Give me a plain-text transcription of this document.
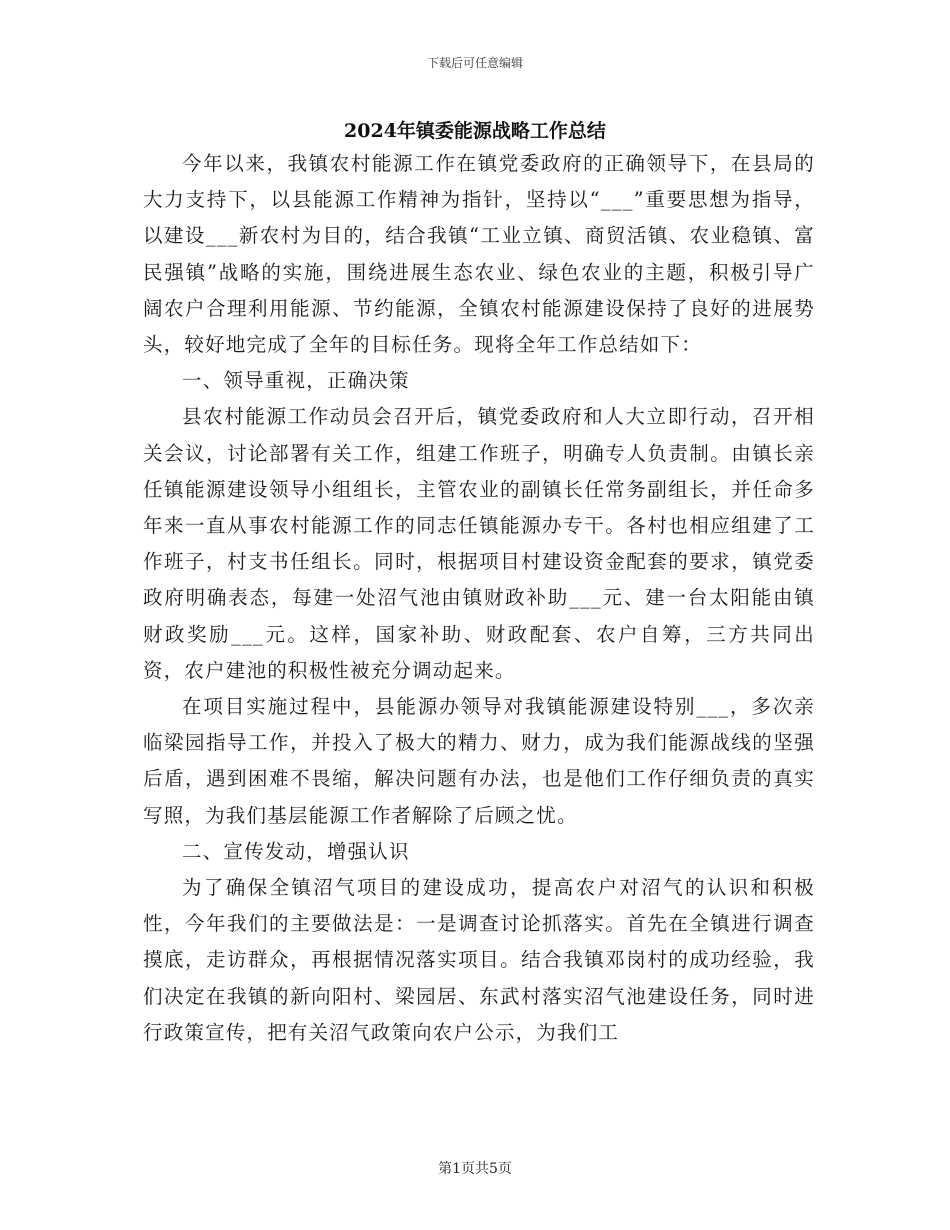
下载后可任意编辑
2024年镇委能源战略工作总结

今年以来，我镇农村能源工作在镇党委政府的正确领导下，在县局的大力支持下，以县能源工作精神为指针，坚持以“___”重要思想为指导，以建设___新农村为目的，结合我镇“工业立镇、商贸活镇、农业稳镇、富民强镇”战略的实施，围绕进展生态农业、绿色农业的主题，积极引导广阔农户合理利用能源、节约能源，全镇农村能源建设保持了良好的进展势头，较好地完成了全年的目标任务。现将全年工作总结如下：

一、领导重视，正确决策

县农村能源工作动员会召开后，镇党委政府和人大立即行动，召开相关会议，讨论部署有关工作，组建工作班子，明确专人负责制。由镇长亲任镇能源建设领导小组组长，主管农业的副镇长任常务副组长，并任命多年来一直从事农村能源工作的同志任镇能源办专干。各村也相应组建了工作班子，村支书任组长。同时，根据项目村建设资金配套的要求，镇党委政府明确表态，每建一处沼气池由镇财政补助___元、建一台太阳能由镇财政奖励___元。这样，国家补助、财政配套、农户自筹，三方共同出资，农户建池的积极性被充分调动起来。

在项目实施过程中，县能源办领导对我镇能源建设特别___，多次亲临梁园指导工作，并投入了极大的精力、财力，成为我们能源战线的坚强后盾，遇到困难不畏缩，解决问题有办法，也是他们工作仔细负责的真实写照，为我们基层能源工作者解除了后顾之忧。

二、宣传发动，增强认识

为了确保全镇沼气项目的建设成功，提高农户对沼气的认识和积极性，今年我们的主要做法是：一是调查讨论抓落实。首先在全镇进行调查摸底，走访群众，再根据情况落实项目。结合我镇邓岗村的成功经验，我们决定在我镇的新向阳村、梁园居、东武村落实沼气池建设任务，同时进行政策宣传，把有关沼气政策向农户公示，为我们工

第1页共5页
